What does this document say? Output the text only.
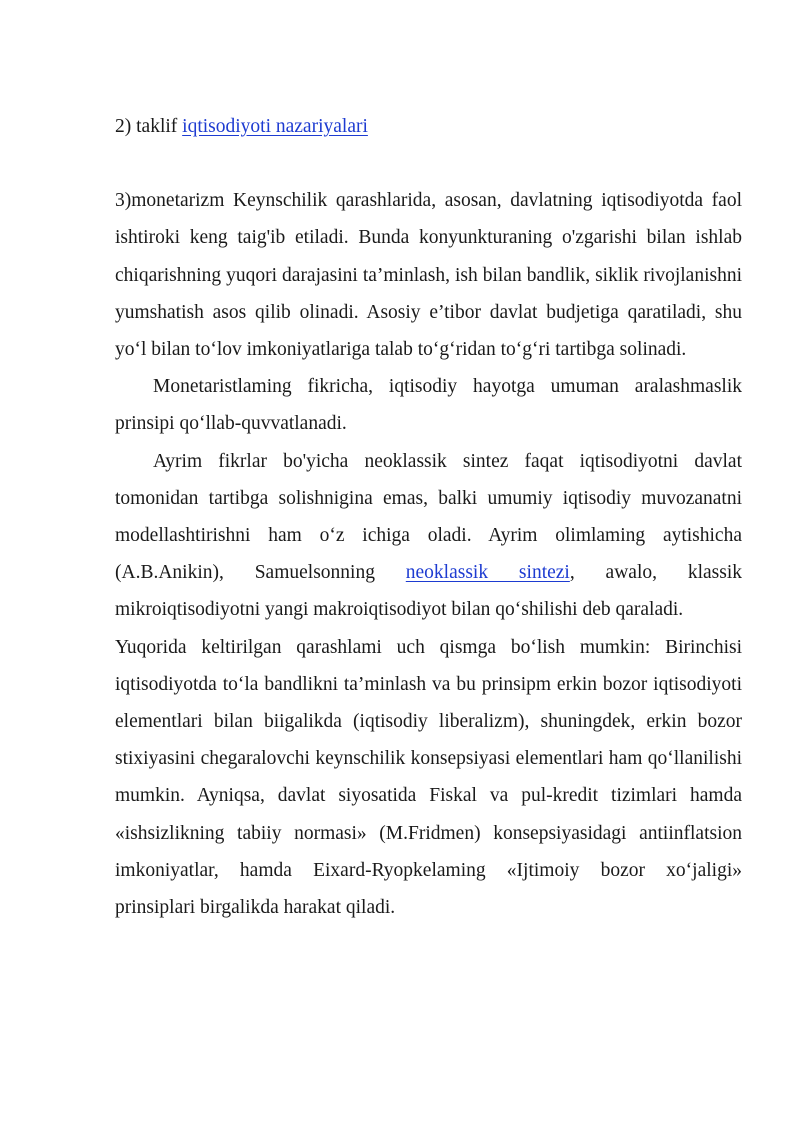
2) taklif iqtisodiyoti nazariyalari

3)monetarizm Keynschilik qarashlarida, asosan, davlatning iqtisodiyotda faol ishtiroki keng taig'ib etiladi. Bunda konyunkturaning o'zgarishi bilan ishlab chiqarishning yuqori darajasini ta’minlash, ish bilan bandlik, siklik rivojlanishni yumshatish asos qilib olinadi. Asosiy e’tibor davlat budjetiga qaratiladi, shu yo‘l bilan to‘lov imkoniyatlariga talab to‘g‘ridan to‘g‘ri tartibga solinadi.

Monetaristlaming fikricha, iqtisodiy hayotga umuman aralashmaslik prinsipi qo‘llab-quvvatlanadi.

Ayrim fikrlar bo'yicha neoklassik sintez faqat iqtisodiyotni davlat tomonidan tartibga solishnigina emas, balki umumiy iqtisodiy muvozanatni modellashtirishni ham o‘z ichiga oladi. Ayrim olimlaming aytishicha (A.B.Anikin), Samuelsonning neoklassik sintezi, awalo, klassik mikroiqtisodiyotni yangi makroiqtisodiyot bilan qo‘shilishi deb qaraladi.

Yuqorida keltirilgan qarashlami uch qismga bo‘lish mumkin: Birinchisi iqtisodiyotda to‘la bandlikni ta’minlash va bu prinsipm erkin bozor iqtisodiyoti elementlari bilan biigalikda (iqtisodiy liberalizm), shuningdek, erkin bozor stixiyasini chegaralovchi keynschilik konsepsiyasi elementlari ham qo‘llanilishi mumkin. Ayniqsa, davlat siyosatida Fiskal va pul-kredit tizimlari hamda «ishsizlikning tabiiy normasi» (M.Fridmen) konsepsiyasidagi antiinflatsion imkoniyatlar, hamda Eixard-Ryopkelaming «Ijtimoiy bozor xo‘jaligi» prinsiplari birgalikda harakat qiladi.
